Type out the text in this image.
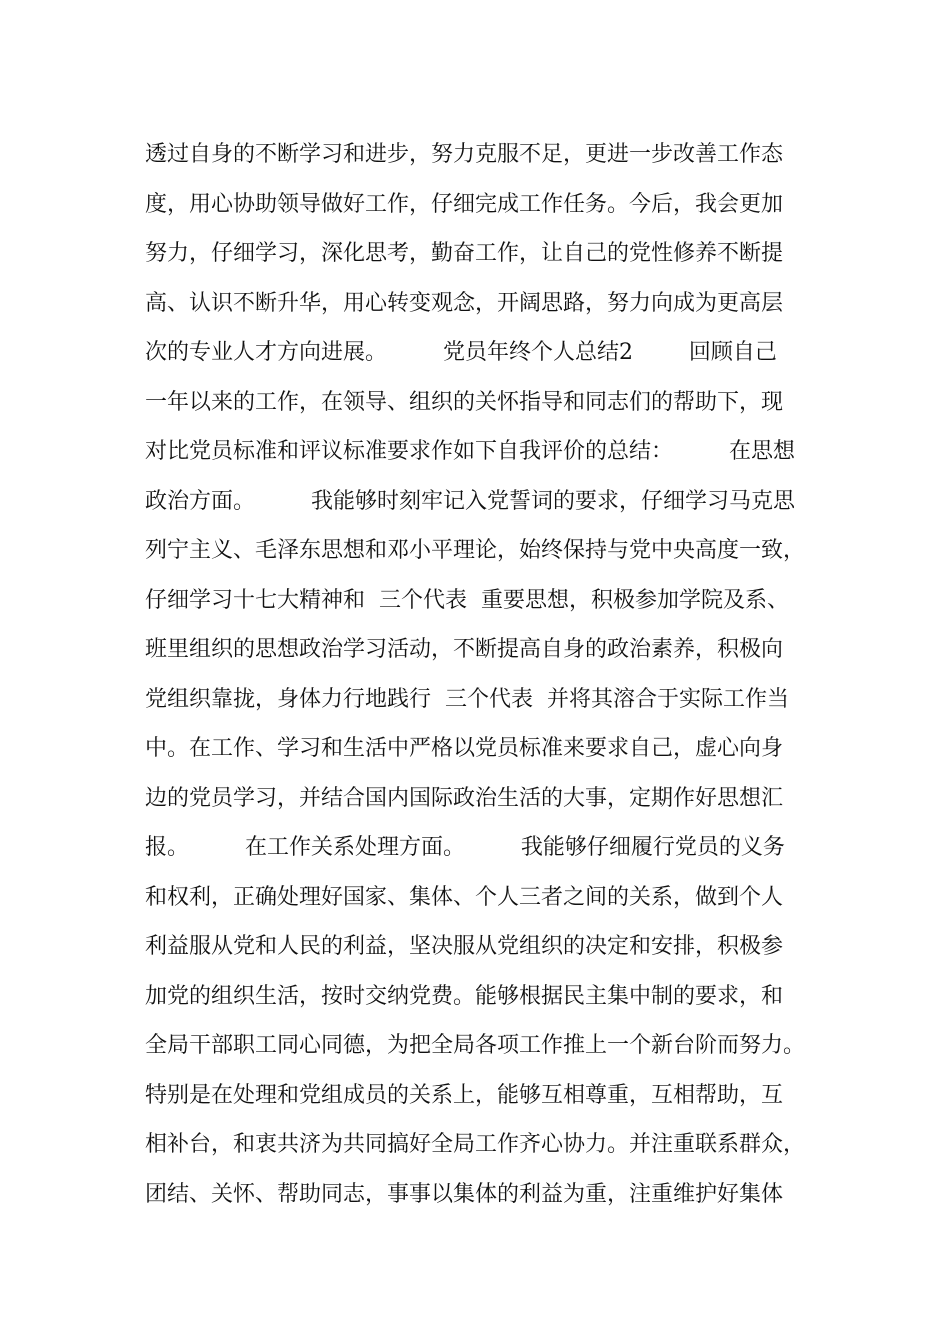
透过自身的不断学习和进步，努力克服不足，更进一步改善工作态
度，用心协助领导做好工作，仔细完成工作任务。今后，我会更加
努力，仔细学习，深化思考，勤奋工作，让自己的党性修养不断提
高、认识不断升华，用心转变观念，开阔思路，努力向成为更高层
次的专业人才方向进展。        党员年终个人总结2        回顾自己
一年以来的工作，在领导、组织的关怀指导和同志们的帮助下，现
对比党员标准和评议标准要求作如下自我评价的总结：        在思想
政治方面。        我能够时刻牢记入党誓词的要求，仔细学习马克思
列宁主义、毛泽东思想和邓小平理论，始终保持与党中央高度一致，
仔细学习十七大精神和  三个代表  重要思想，积极参加学院及系、
班里组织的思想政治学习活动，不断提高自身的政治素养，积极向
党组织靠拢，身体力行地践行  三个代表  并将其溶合于实际工作当
中。在工作、学习和生活中严格以党员标准来要求自己，虚心向身
边的党员学习，并结合国内国际政治生活的大事，定期作好思想汇
报。        在工作关系处理方面。        我能够仔细履行党员的义务
和权利，正确处理好国家、集体、个人三者之间的关系，做到个人
利益服从党和人民的利益，坚决服从党组织的决定和安排，积极参
加党的组织生活，按时交纳党费。能够根据民主集中制的要求，和
全局干部职工同心同德，为把全局各项工作推上一个新台阶而努力。
特别是在处理和党组成员的关系上，能够互相尊重，互相帮助，互
相补台，和衷共济为共同搞好全局工作齐心协力。并注重联系群众，
团结、关怀、帮助同志，事事以集体的利益为重，注重维护好集体
